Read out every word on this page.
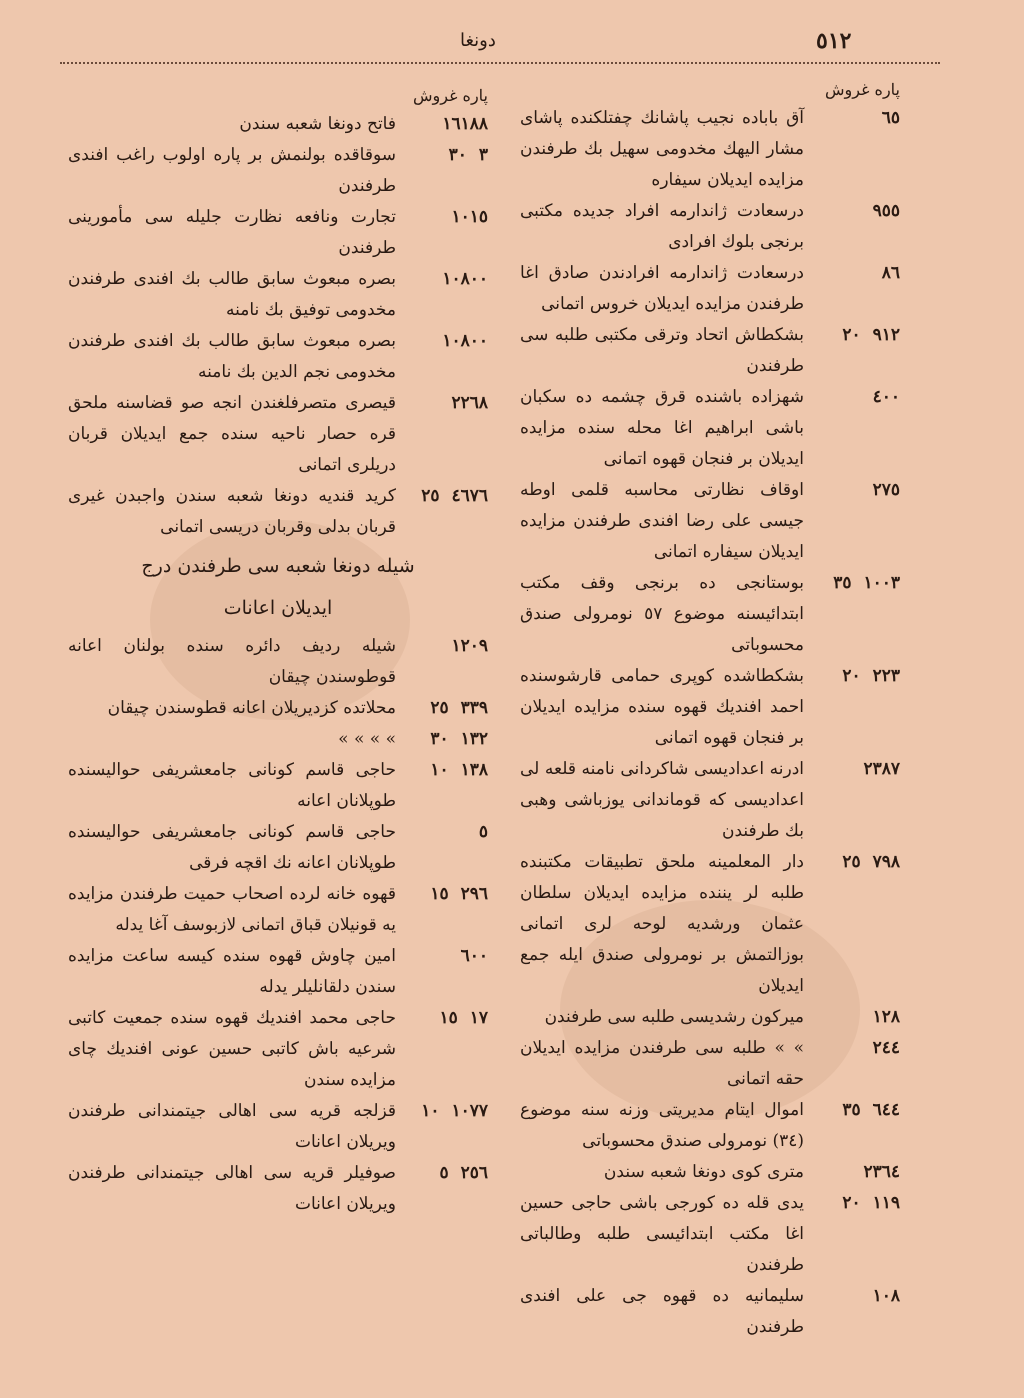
٥١٢
دونغا
پاره غروش
٦٥
آق باباده نجيب پاشانك چفتلكنده پاشاى مشار اليهك مخدومى سهيل بك طرفندن مزايده ايديلان سيفاره
٩٥٥
درسعادت ژاندارمه افراد جديده مكتبى برنجى بلوك افرادى
٨٦
درسعادت ژاندارمه افرادندن صادق اغا طرفندن مزايده ايديلان خروس اتمانى
٩١٢٢٠
بشكطاش اتحاد وترقى مكتبى طلبه سى طرفندن
٤٠٠
شهزاده باشنده قرق چشمه ده سكبان باشى ابراهيم اغا محله سنده مزايده ايديلان بر فنجان قهوه اتمانى
٢٧٥
اوقاف نظارتى محاسبه قلمى اوطه جيسى على رضا افندى طرفندن مزايده ايديلان سيفاره اتمانى
١٠٠٣٣٥
بوستانجى ده برنجى وقف مكتب ابتدائيسنه موضوع ٥٧ نومرولى صندق محسوباتى
٢٢٣٢٠
بشكطاشده كوپرى حمامى قارشوسنده احمد افنديك قهوه سنده مزايده ايديلان بر فنجان قهوه اتمانى
٢٣٨٧
ادرنه اعداديسى شاكردانى نامنه قلعه لى اعداديسى كه قوماندانى يوزباشى وهبى بك طرفندن
٧٩٨٢٥
دار المعلمينه ملحق تطبيقات مكتبنده طلبه لر يننده مزايده ايديلان سلطان عثمان ورشديه لوحه لرى اتمانى بوزالتمش بر نومرولى صندق ايله جمع ايديلان
١٢٨
ميركون رشديسى طلبه سى طرفندن
٢٤٤
» » طلبه سى طرفندن مزايده ايديلان حقه اتمانى
٦٤٤٣٥
اموال ايتام مديريتى وزنه سنه موضوع (٣٤) نومرولى صندق محسوباتى
٢٣٦٤
مترى كوى دونغا شعبه سندن
١١٩٢٠
يدى قله ده كورجى باشى حاجى حسين اغا مكتب ابتدائيسى طلبه وطالباتى طرفندن
١٠٨
سليمانيه ده قهوه جى على افندى طرفندن
پاره غروش
١٦١٨٨
فاتح دونغا شعبه سندن
٣٣٠
سوقاقده بولنمش بر پاره اولوب راغب افندى طرفندن
١٠١٥
تجارت ونافعه نظارت جليله سى مأمورينى طرفندن
١٠٨٠٠
بصره مبعوث سابق طالب بك افندى طرفندن مخدومى توفيق بك نامنه
١٠٨٠٠
بصره مبعوث سابق طالب بك افندى طرفندن مخدومى نجم الدين بك نامنه
٢٢٦٨
قيصرى متصرفلغندن انجه صو قضاسنه ملحق قره حصار ناحيه سنده جمع ايديلان قربان دريلرى اتمانى
٤٦٧٦٢٥
كريد قنديه دونغا شعبه سندن واجبدن غيرى قربان بدلى وقربان دريسى اتمانى
شيله دونغا شعبه سى طرفندن درج
ايديلان اعانات
١٢٠٩
شيله رديف دائره سنده بولنان اعانه قوطوسندن چيقان
٣٣٩٢٥
محلاتده كزديريلان اعانه قطوسندن چيقان
١٣٢٣٠
» » » »
١٣٨١٠
حاجى قاسم كونانى جامعشريفى حواليسنده طوپلانان اعانه
٥
حاجى قاسم كونانى جامعشريفى حواليسنده طوپلانان اعانه نك اقچه فرقى
٢٩٦١٥
قهوه خانه لرده اصحاب حميت طرفندن مزايده يه قونيلان قباق اتمانى لازبوسف آغا يدله
٦٠٠
امين چاوش قهوه سنده كيسه ساعت مزايده سندن دلقانليلر يدله
١٧١٥
حاجى محمد افنديك قهوه سنده جمعيت كاتبى شرعيه باش كاتبى حسين عونى افنديك چاى مزايده سندن
١٠٧٧١٠
قزلجه قريه سى اهالى جيتمندانى طرفندن ويريلان اعانات
٢٥٦٥
صوفيلر قريه سى اهالى جيتمندانى طرفندن ويريلان اعانات
